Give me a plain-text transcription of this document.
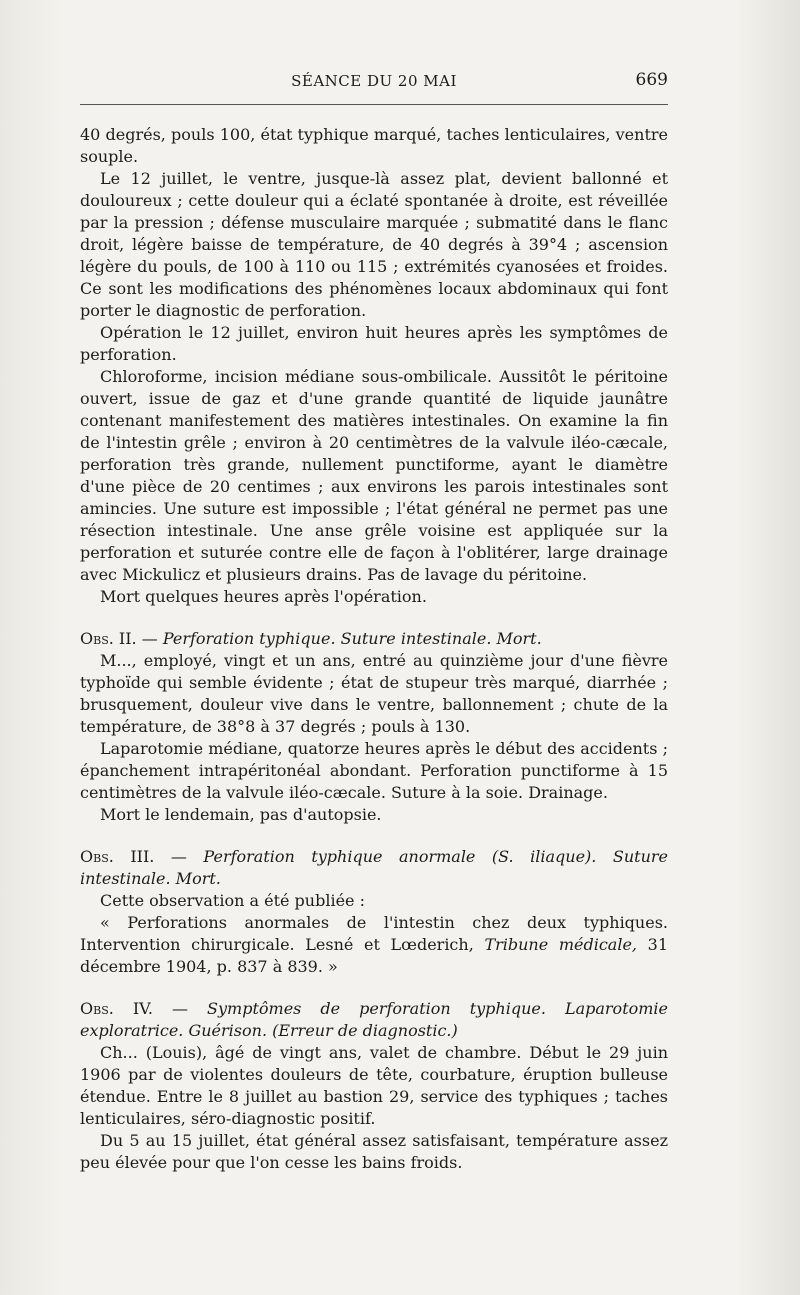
SÉANCE DU 20 MAI	669

40 degrés, pouls 100, état typhique marqué, taches lenticulaires, ventre souple.

Le 12 juillet, le ventre, jusque-là assez plat, devient ballonné et douloureux ; cette douleur qui a éclaté spontanée à droite, est réveillée par la pression ; défense musculaire marquée ; submatité dans le flanc droit, légère baisse de température, de 40 degrés à 39°4 ; ascension légère du pouls, de 100 à 110 ou 115 ; extrémités cyanosées et froides. Ce sont les modifications des phénomènes locaux abdominaux qui font porter le diagnostic de perforation.

Opération le 12 juillet, environ huit heures après les symptômes de perforation.

Chloroforme, incision médiane sous-ombilicale. Aussitôt le péritoine ouvert, issue de gaz et d'une grande quantité de liquide jaunâtre contenant manifestement des matières intestinales. On examine la fin de l'intestin grêle ; environ à 20 centimètres de la valvule iléo-cæcale, perforation très grande, nullement punctiforme, ayant le diamètre d'une pièce de 20 centimes ; aux environs les parois intestinales sont amincies. Une suture est impossible ; l'état général ne permet pas une résection intestinale. Une anse grêle voisine est appliquée sur la perforation et suturée contre elle de façon à l'oblitérer, large drainage avec Mickulicz et plusieurs drains. Pas de lavage du péritoine.

Mort quelques heures après l'opération.

Obs. II. — Perforation typhique. Suture intestinale. Mort.

M..., employé, vingt et un ans, entré au quinzième jour d'une fièvre typhoïde qui semble évidente ; état de stupeur très marqué, diarrhée ; brusquement, douleur vive dans le ventre, ballonnement ; chute de la température, de 38°8 à 37 degrés ; pouls à 130.

Laparotomie médiane, quatorze heures après le début des accidents ; épanchement intrapéritonéal abondant. Perforation punctiforme à 15 centimètres de la valvule iléo-cæcale. Suture à la soie. Drainage.

Mort le lendemain, pas d'autopsie.

Obs. III. — Perforation typhique anormale (S. iliaque). Suture intestinale. Mort.

Cette observation a été publiée :

« Perforations anormales de l'intestin chez deux typhiques. Intervention chirurgicale. Lesné et Lœderich, Tribune médicale, 31 décembre 1904, p. 837 à 839. »

Obs. IV. — Symptômes de perforation typhique. Laparotomie exploratrice. Guérison. (Erreur de diagnostic.)

Ch... (Louis), âgé de vingt ans, valet de chambre. Début le 29 juin 1906 par de violentes douleurs de tête, courbature, éruption bulleuse étendue. Entre le 8 juillet au bastion 29, service des typhiques ; taches lenticulaires, séro-diagnostic positif.

Du 5 au 15 juillet, état général assez satisfaisant, température assez peu élevée pour que l'on cesse les bains froids.
